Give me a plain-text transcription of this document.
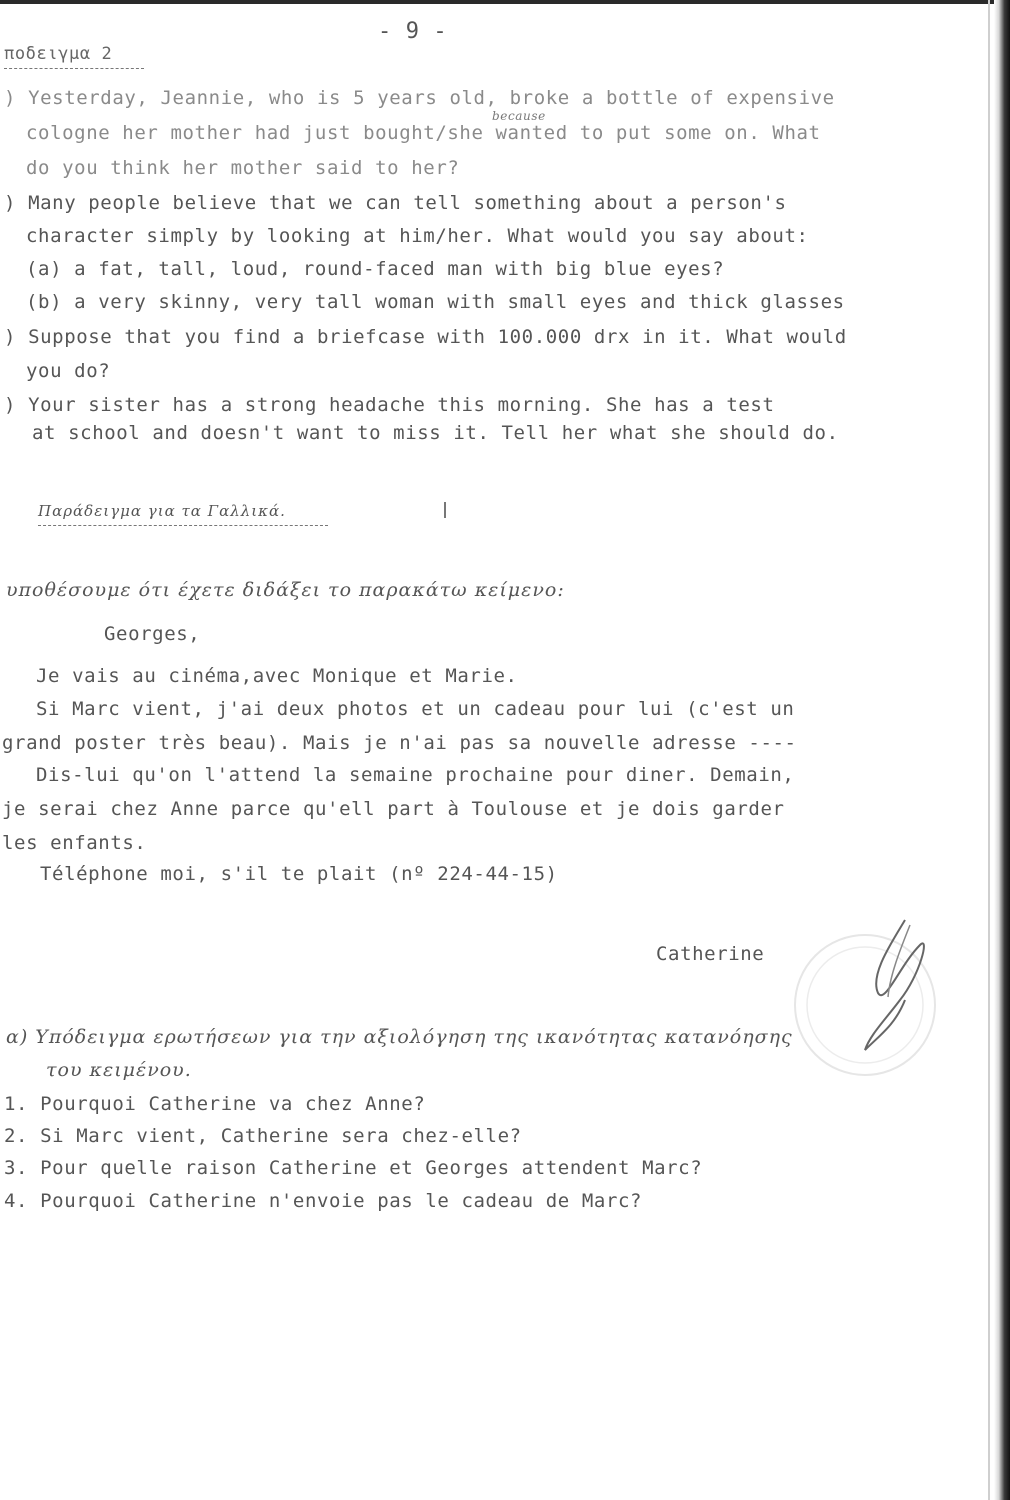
ποδειγμα 2
- 9 -
) Yesterday, Jeannie, who is 5 years old, broke a bottle of expensive
because
cologne her mother had just bought/she wanted to put some on. What
do you think her mother said to her?
) Many people believe that we can tell something about a person's
character simply by looking at him/her. What would you say about:
(a) a fat, tall, loud, round-faced man with big blue eyes?
(b) a very skinny, very tall woman with small eyes and thick glasses
) Suppose that you find a briefcase with 100.000 drx in it. What would
you do?
) Your sister has a strong headache this morning. She has a test
at school and doesn't want to miss it. Tell her what she should do.
Παράδειγμα για τα Γαλλικά.
υποθέσουμε ότι έχετε διδάξει το παρακάτω κείμενο:
Georges,
Je vais au cinéma,avec Monique et Marie.
Si Marc vient, j'ai deux photos et un cadeau pour lui (c'est un
grand poster très beau). Mais je n'ai pas sa nouvelle adresse ----
Dis-lui qu'on l'attend la semaine prochaine pour diner. Demain,
je serai chez Anne parce qu'ell part à Toulouse et je dois garder
les enfants.
Téléphone moi, s'il te plait (nº 224-44-15)
Catherine
α) Υπόδειγμα ερωτήσεων για την αξιολόγηση της ικανότητας κατανόησης
του κειμένου.
1. Pourquoi Catherine va chez Anne?
2. Si Marc vient, Catherine sera chez-elle?
3. Pour quelle raison Catherine et Georges attendent Marc?
4. Pourquoi Catherine n'envoie pas le cadeau de Marc?
